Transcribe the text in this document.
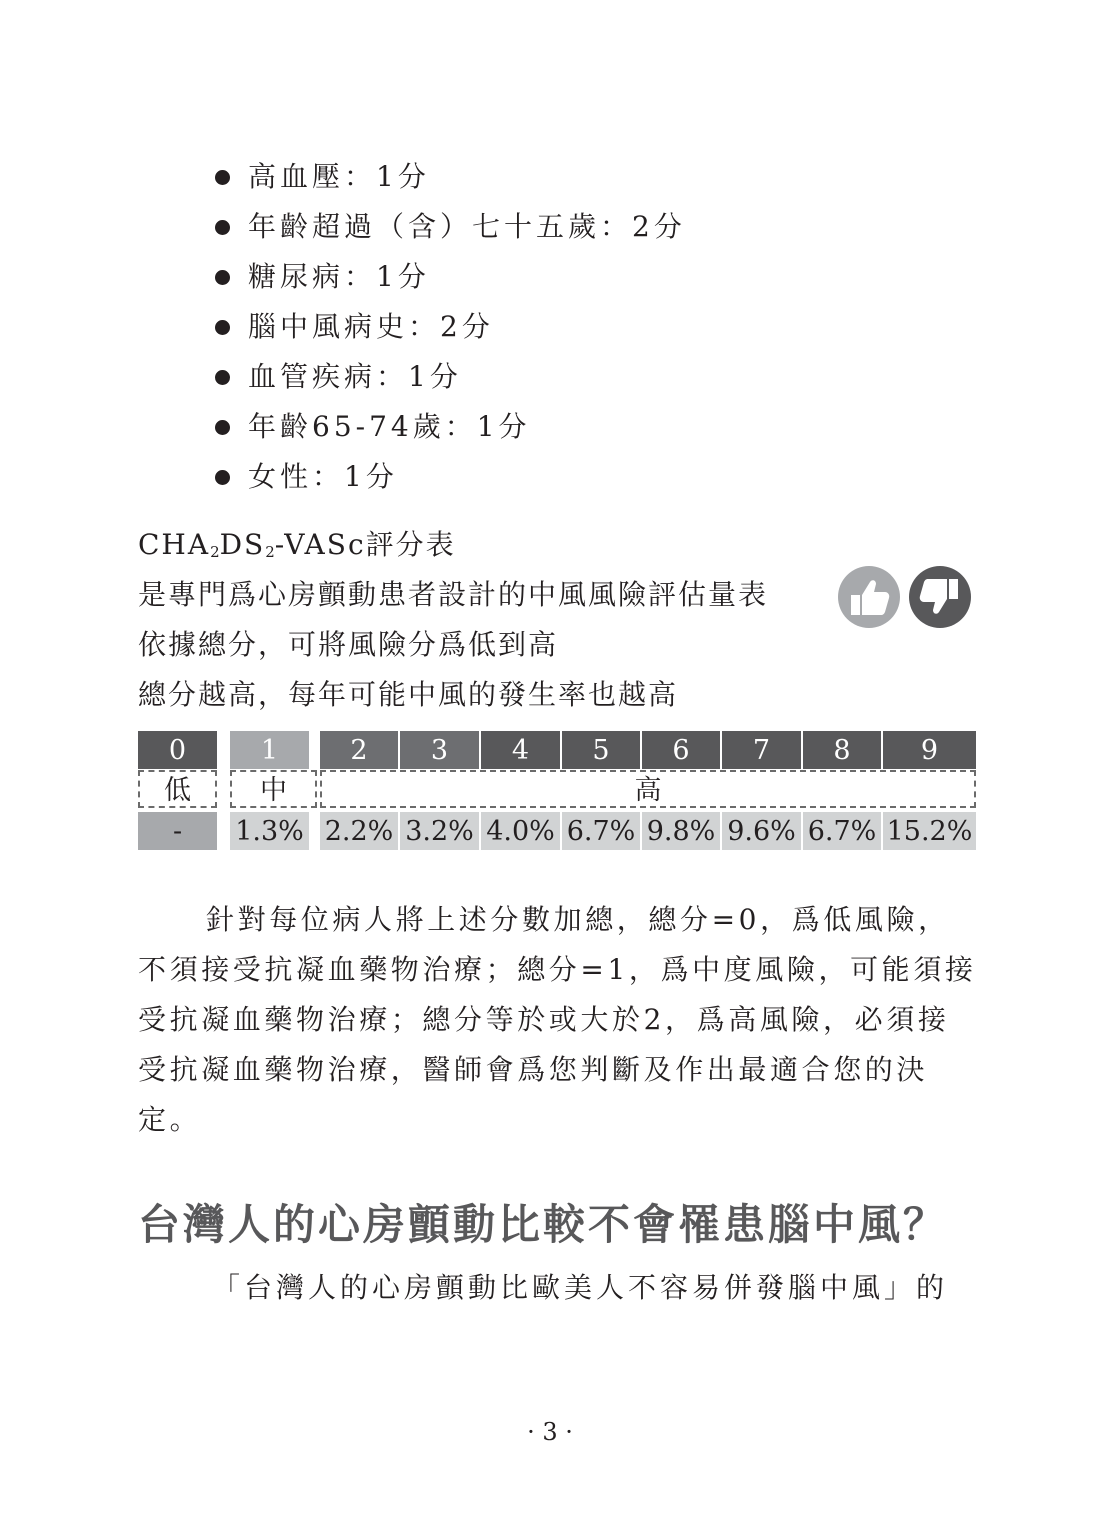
高血壓：1分
年齡超過（含）七十五歲：2分
糖尿病：1分
腦中風病史：2分
血管疾病：1分
年齡65-74歲：1分
女性：1分
$CHA_2DS_2$-VASc評分表
是專門爲心房顫動患者設計的中風風險評估量表
依據總分，可將風險分爲低到高
總分越高，每年可能中風的發生率也越高
0	1	2	3	4	5	6	7	8	9
低	中	高
-	1.3% 2.2% 3.2% 4.0% 6.7% 9.8% 9.6% 6.7% 15.2%
針對每位病人將上述分數加總，總分=0，爲低風險，
不須接受抗凝血藥物治療；總分=1，爲中度風險，可能須接
受抗凝血藥物治療；總分等於或大於2，爲高風險，必須接
受抗凝血藥物治療，醫師會爲您判斷及作出最適合您的決
定。
台灣人的心房顫動比較不會罹患腦中風？
「台灣人的心房顫動比歐美人不容易併發腦中風」的
· 3 ·
